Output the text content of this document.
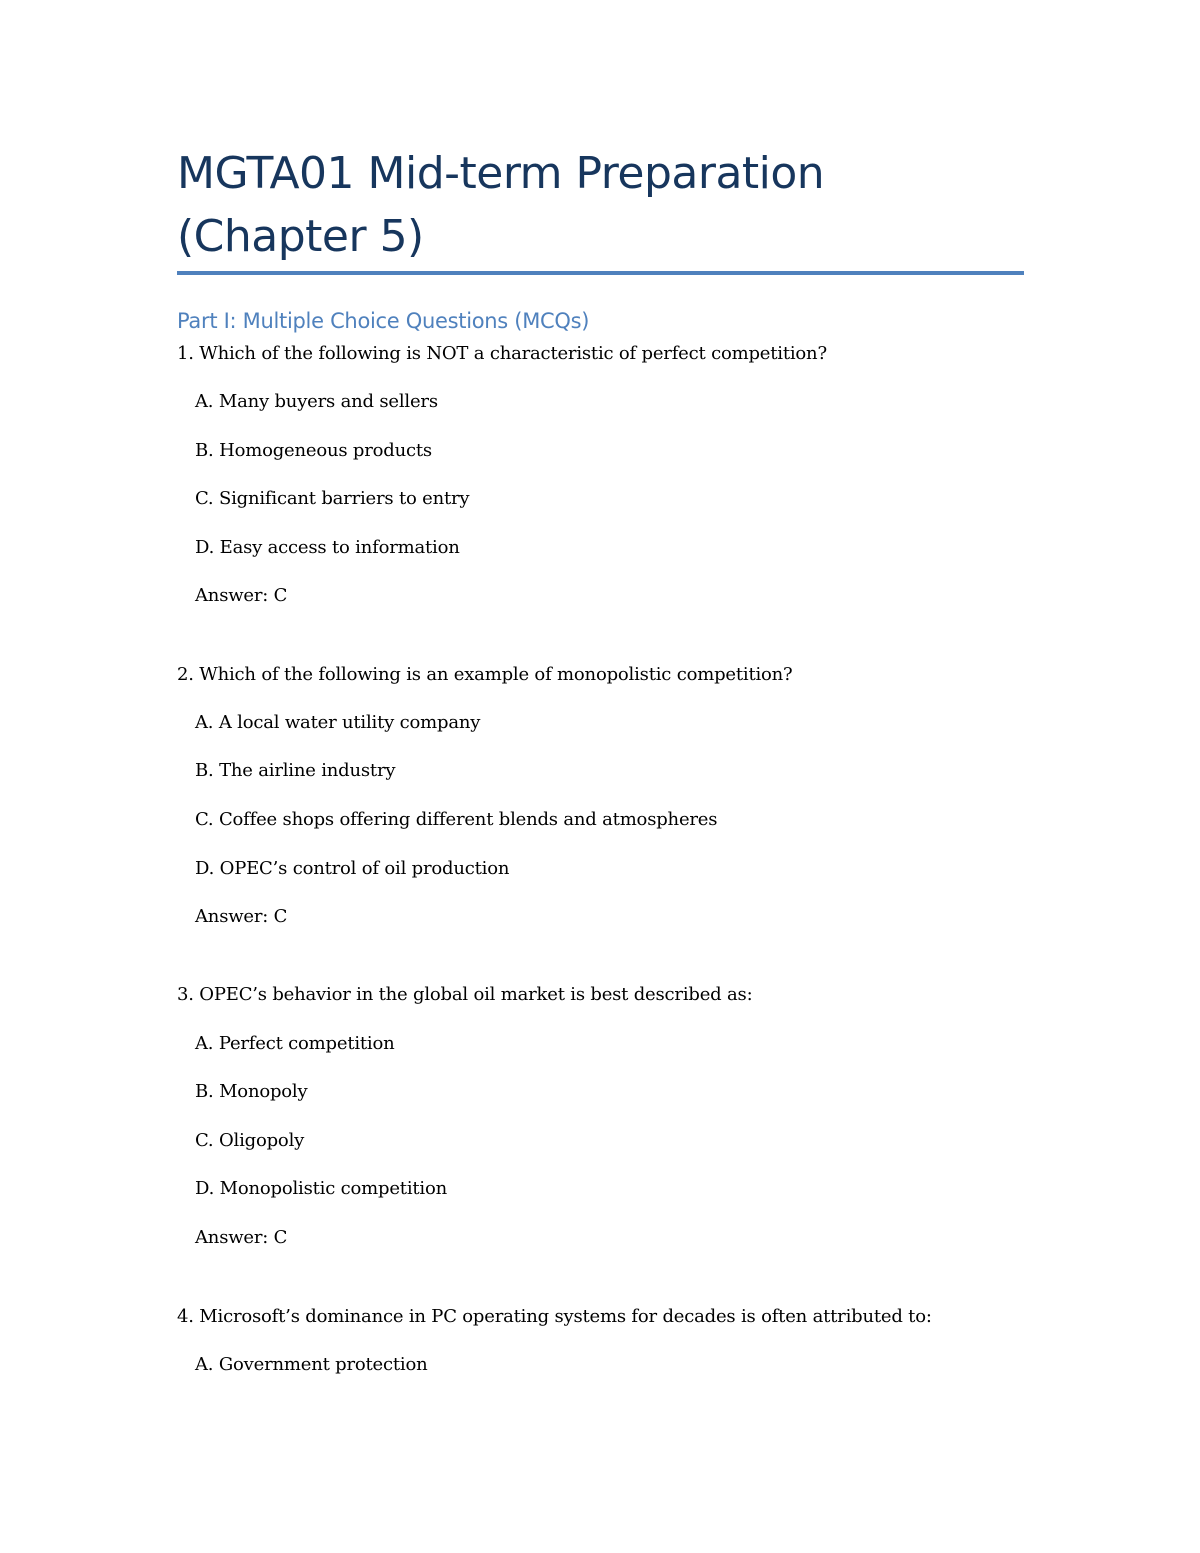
MGTA01 Mid-term Preparation
(Chapter 5)
Part I: Multiple Choice Questions (MCQs)
1. Which of the following is NOT a characteristic of perfect competition?
A. Many buyers and sellers
B. Homogeneous products
C. Significant barriers to entry
D. Easy access to information
Answer: C
2. Which of the following is an example of monopolistic competition?
A. A local water utility company
B. The airline industry
C. Coffee shops offering different blends and atmospheres
D. OPEC’s control of oil production
Answer: C
3. OPEC’s behavior in the global oil market is best described as:
A. Perfect competition
B. Monopoly
C. Oligopoly
D. Monopolistic competition
Answer: C
4. Microsoft’s dominance in PC operating systems for decades is often attributed to:
A. Government protection
